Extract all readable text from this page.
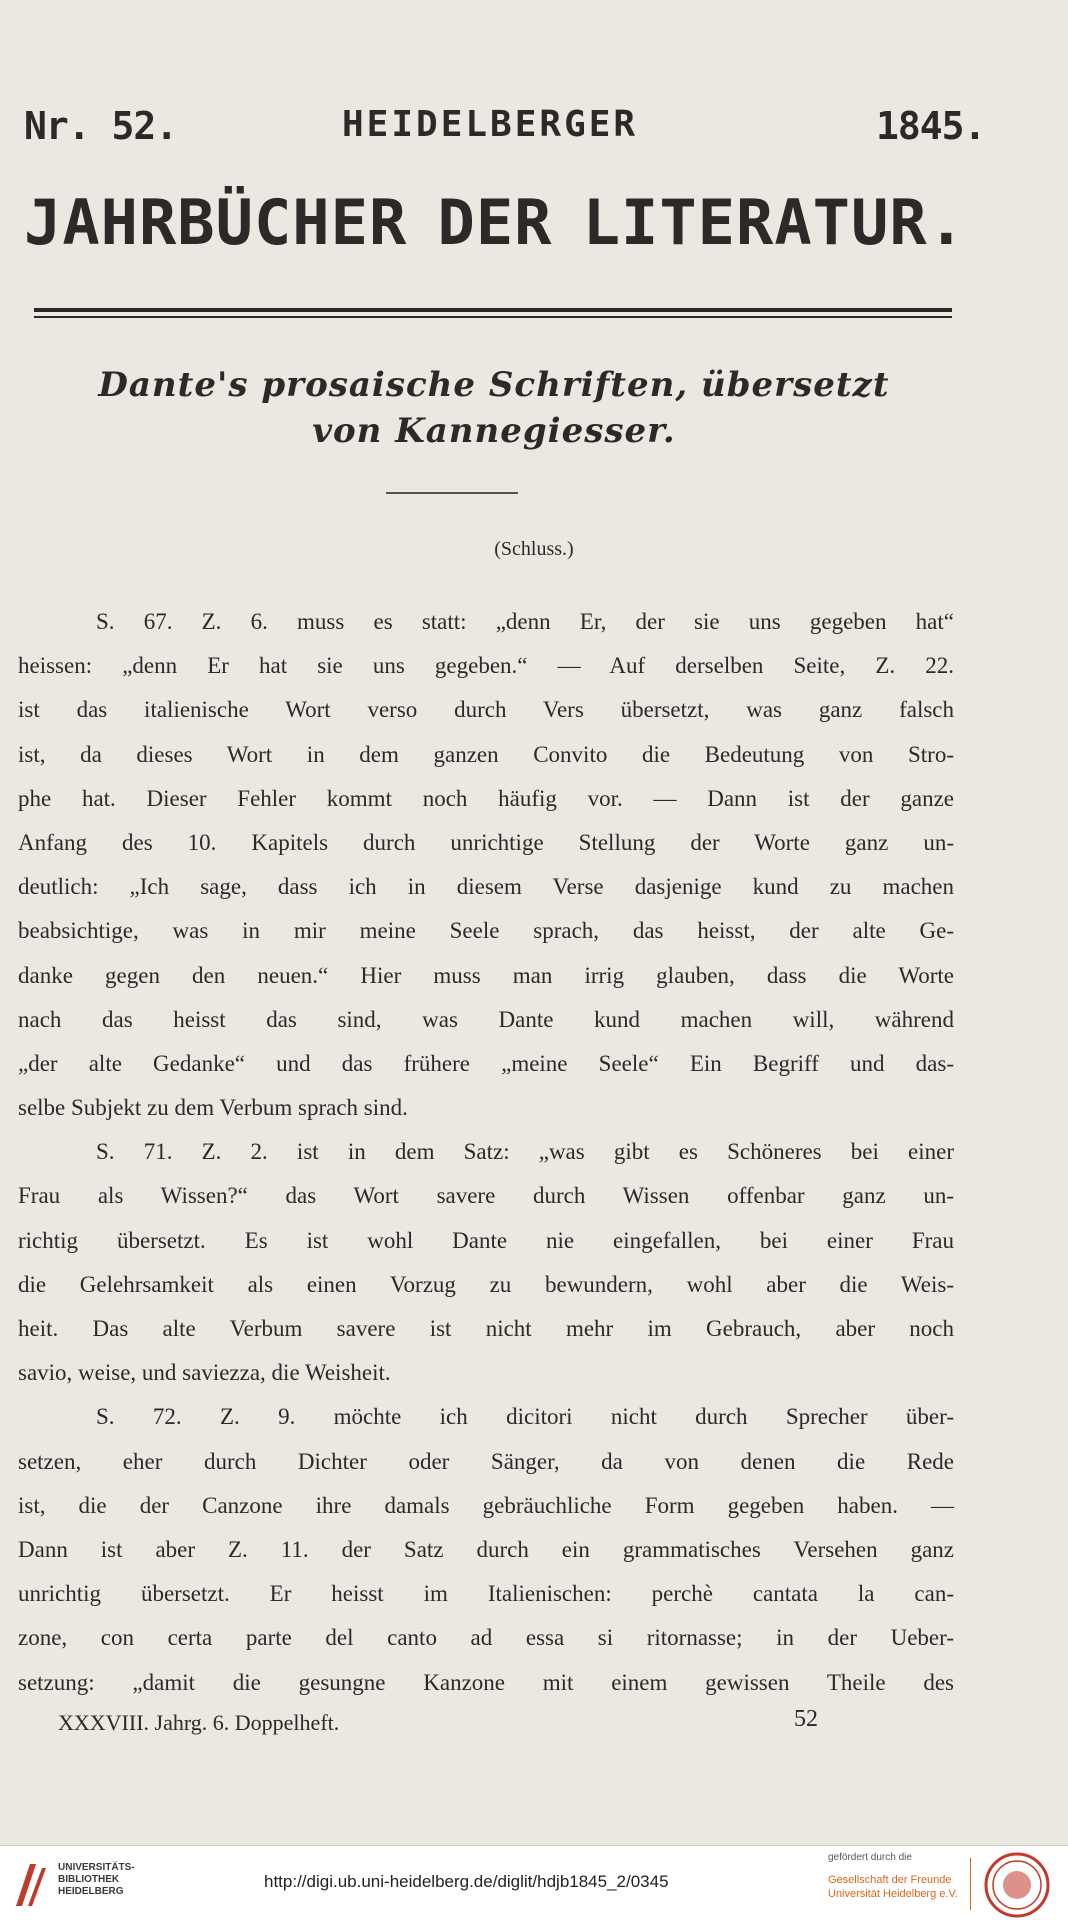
Nr. 52.	HEIDELBERGER	1845.
JAHRBÜCHER DER LITERATUR.
Dante's prosaische Schriften, übersetzt
von Kannegiesser.
(Schluss.)
S. 67. Z. 6. muss es statt: „denn Er, der sie uns gegeben hat“
heissen: „denn Er hat sie uns gegeben.“ — Auf derselben Seite, Z. 22.
ist das italienische Wort verso durch Vers übersetzt, was ganz falsch
ist, da dieses Wort in dem ganzen Convito die Bedeutung von Stro-
phe hat. Dieser Fehler kommt noch häufig vor. — Dann ist der ganze
Anfang des 10. Kapitels durch unrichtige Stellung der Worte ganz un-
deutlich: „Ich sage, dass ich in diesem Verse dasjenige kund zu machen
beabsichtige, was in mir meine Seele sprach, das heisst, der alte Ge-
danke gegen den neuen.“ Hier muss man irrig glauben, dass die Worte
nach das heisst das sind, was Dante kund machen will, während
„der alte Gedanke“ und das frühere „meine Seele“ Ein Begriff und das-
selbe Subjekt zu dem Verbum sprach sind.
S. 71. Z. 2. ist in dem Satz: „was gibt es Schöneres bei einer
Frau als Wissen?“ das Wort savere durch Wissen offenbar ganz un-
richtig übersetzt. Es ist wohl Dante nie eingefallen, bei einer Frau
die Gelehrsamkeit als einen Vorzug zu bewundern, wohl aber die Weis-
heit. Das alte Verbum savere ist nicht mehr im Gebrauch, aber noch
savio, weise, und saviezza, die Weisheit.
S. 72. Z. 9. möchte ich dicitori nicht durch Sprecher über-
setzen, eher durch Dichter oder Sänger, da von denen die Rede
ist, die der Canzone ihre damals gebräuchliche Form gegeben haben. —
Dann ist aber Z. 11. der Satz durch ein grammatisches Versehen ganz
unrichtig übersetzt. Er heisst im Italienischen: perchè cantata la can-
zone, con certa parte del canto ad essa si ritornasse; in der Ueber-
setzung: „damit die gesungne Kanzone mit einem gewissen Theile des
XXXVIII. Jahrg. 6. Doppelheft.	52
UNIVERSITÄTS-
BIBLIOTHEK
HEIDELBERG
http://digi.ub.uni-heidelberg.de/diglit/hdjb1845_2/0345
gefördert durch die
Gesellschaft der Freunde
Universität Heidelberg e.V.
